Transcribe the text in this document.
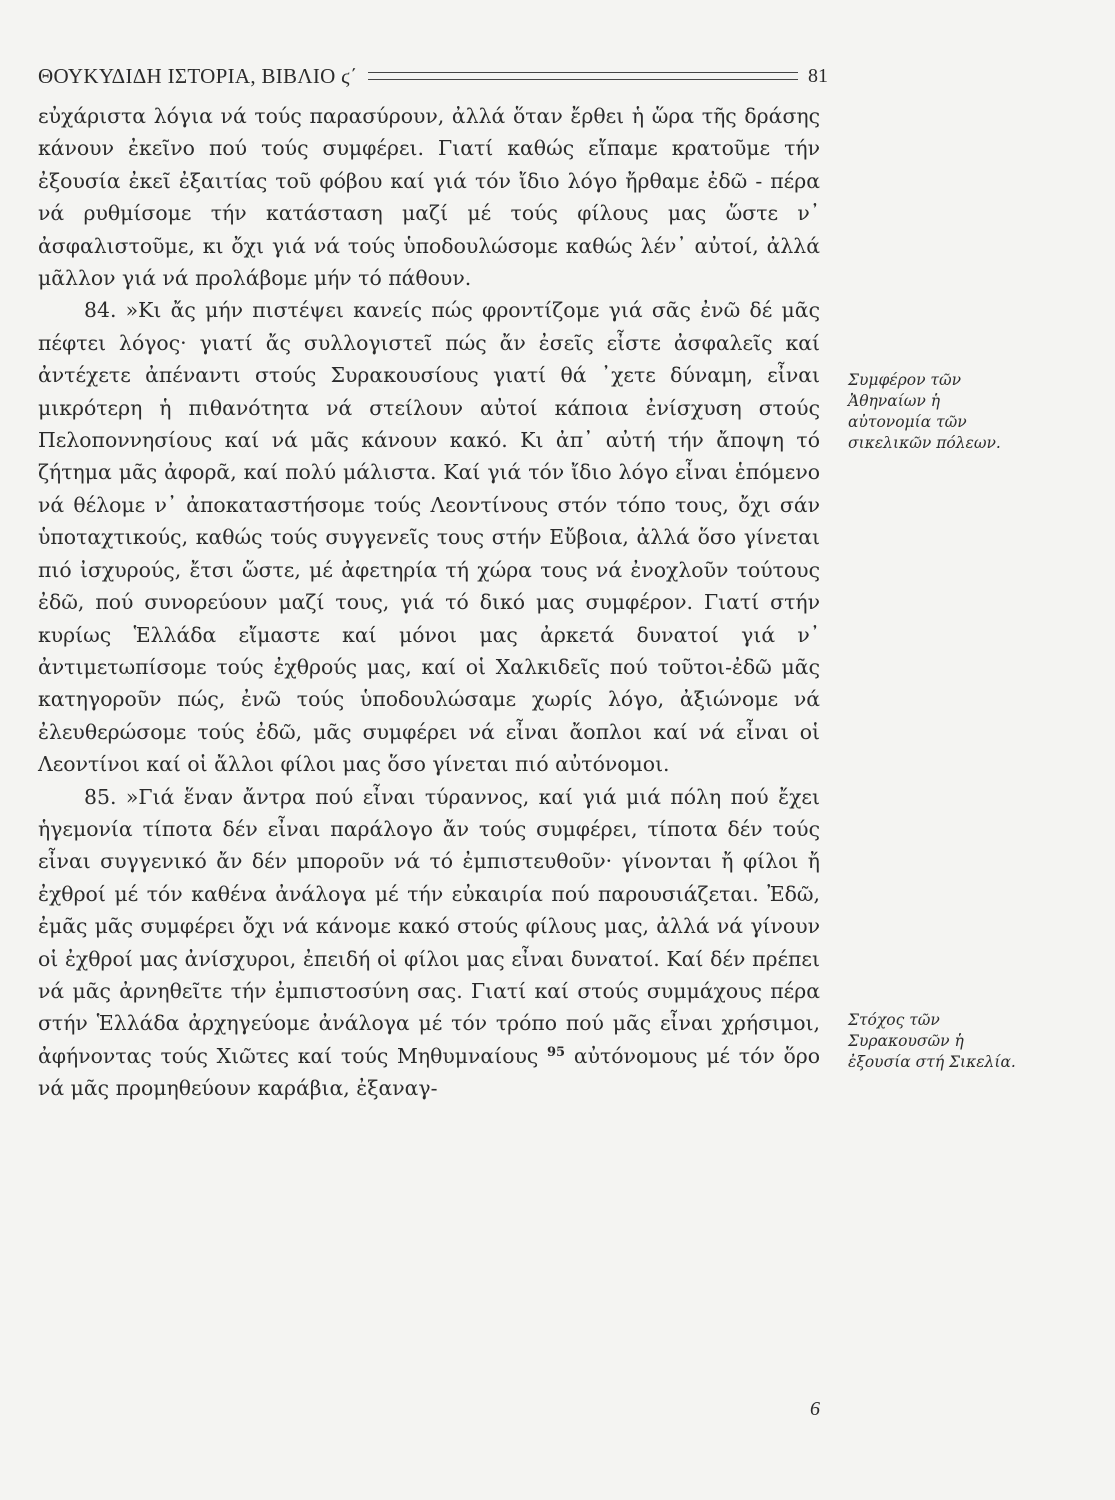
ΘΟΥΚΥΔΙΔΗ ΙΣΤΟΡΙΑ, ΒΙΒΛΙΟ ϛ΄	81

εὐχάριστα λόγια νά τούς παρασύρουν, ἀλλά ὅταν ἔρθει ἡ ὥρα τῆς δράσης κάνουν ἐκεῖνο πού τούς συμφέρει. Γιατί καθώς εἴπαμε κρατοῦμε τήν ἐξουσία ἐκεῖ ἐξαιτίας τοῦ φόβου καί γιά τόν ἴδιο λόγο ἤρθαμε ἐδῶ - πέρα νά ρυθμίσομε τήν κατάσταση μαζί μέ τούς φίλους μας ὥστε ν᾽ ἀσφαλιστοῦμε, κι ὄχι γιά νά τούς ὑποδουλώσομε καθώς λέν᾽ αὐτοί, ἀλλά μᾶλλον γιά νά προλάβομε μήν τό πάθουν.

84. »Κι ἄς μήν πιστέψει κανείς πώς φροντίζομε γιά σᾶς ἐνῶ δέ μᾶς πέφτει λόγος· γιατί ἄς συλλογιστεῖ πώς ἄν ἐσεῖς εἶστε ἀσφαλεῖς καί ἀντέχετε ἀπέναντι στούς Συρακουσίους γιατί θά ᾽χετε δύναμη, εἶναι μικρότερη ἡ πιθανότητα νά στείλουν αὐτοί κάποια ἐνίσχυση στούς Πελοποννησίους καί νά μᾶς κάνουν κακό. Κι ἀπ᾽ αὐτή τήν ἄποψη τό ζήτημα μᾶς ἀφορᾶ, καί πολύ μάλιστα. Καί γιά τόν ἴδιο λόγο εἶναι ἑπόμενο νά θέλομε ν᾽ ἀποκαταστήσομε τούς Λεοντίνους στόν τόπο τους, ὄχι σάν ὑποταχτικούς, καθώς τούς συγγενεῖς τους στήν Εὔβοια, ἀλλά ὅσο γίνεται πιό ἰσχυρούς, ἔτσι ὥστε, μέ ἀφετηρία τή χώρα τους νά ἐνοχλοῦν τούτους ἐδῶ, πού συνορεύουν μαζί τους, γιά τό δικό μας συμφέρον. Γιατί στήν κυρίως Ἑλλάδα εἴμαστε καί μόνοι μας ἀρκετά δυνατοί γιά ν᾽ ἀντιμετωπίσομε τούς ἐχθρούς μας, καί οἱ Χαλκιδεῖς πού τοῦτοι-ἐδῶ μᾶς κατηγοροῦν πώς, ἐνῶ τούς ὑποδουλώσαμε χωρίς λόγο, ἀξιώνομε νά ἐλευθερώσομε τούς ἐδῶ, μᾶς συμφέρει νά εἶναι ἄοπλοι καί νά εἶναι οἱ Λεοντίνοι καί οἱ ἄλλοι φίλοι μας ὅσο γίνεται πιό αὐτόνομοι.

85. »Γιά ἕναν ἄντρα πού εἶναι τύραννος, καί γιά μιά πόλη πού ἔχει ἡγεμονία τίποτα δέν εἶναι παράλογο ἄν τούς συμφέρει, τίποτα δέν τούς εἶναι συγγενικό ἄν δέν μποροῦν νά τό ἐμπιστευθοῦν· γίνονται ἤ φίλοι ἤ ἐχθροί μέ τόν καθένα ἀνάλογα μέ τήν εὐκαιρία πού παρουσιάζεται. Ἐδῶ, ἐμᾶς μᾶς συμφέρει ὄχι νά κάνομε κακό στούς φίλους μας, ἀλλά νά γίνουν οἱ ἐχθροί μας ἀνίσχυροι, ἐπειδή οἱ φίλοι μας εἶναι δυνατοί. Καί δέν πρέπει νά μᾶς ἀρνηθεῖτε τήν ἐμπιστοσύνη σας. Γιατί καί στούς συμμάχους πέρα στήν Ἑλλάδα ἀρχηγεύομε ἀνάλογα μέ τόν τρόπο πού μᾶς εἶναι χρήσιμοι, ἀφήνοντας τούς Χιῶτες καί τούς Μηθυμναίους $^{95}$ αὐτόνομους μέ τόν ὅρο νά μᾶς προμηθεύουν καράβια, ἐξαναγ-

Συμφέρον τῶν Ἀθηναίων ἡ αὐτονομία τῶν σικελικῶν πόλεων.
Στόχος τῶν Συρακουσῶν ἡ ἐξουσία στή Σικελία.
6
